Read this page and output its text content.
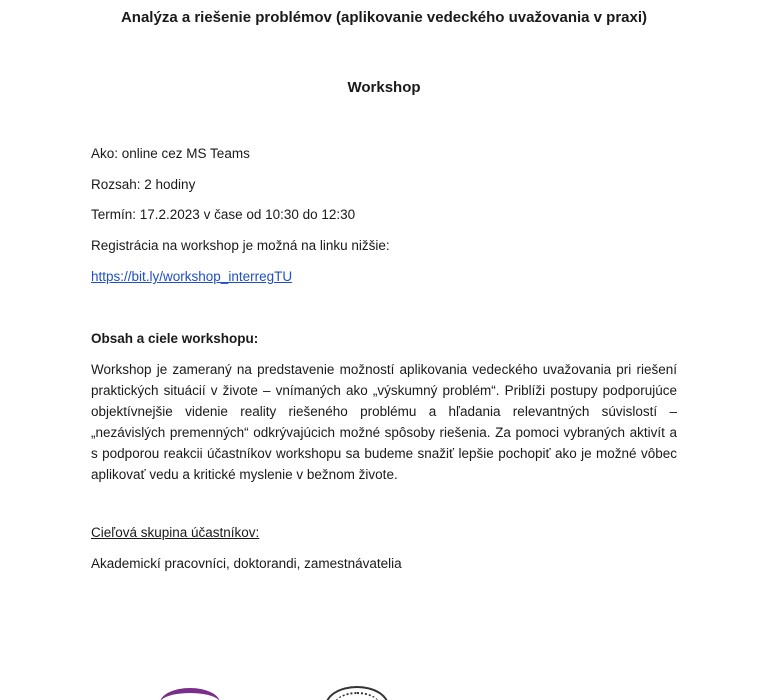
Analýza a riešenie problémov (aplikovanie vedeckého uvažovania v praxi)
Workshop
Ako: online cez MS Teams
Rozsah: 2 hodiny
Termín: 17.2.2023 v čase od 10:30 do 12:30
Registrácia na workshop je možná na linku nižšie:
https://bit.ly/workshop_interregTU
Obsah a ciele workshopu:
Workshop je zameraný na predstavenie možností aplikovania vedeckého uvažovania pri riešení praktických situácií v živote – vnímaných ako „výskumný problém“. Priblíži postupy podporujúce objektívnejšie videnie reality riešeného problému a hľadania relevantných súvislostí – „nezávislých premenných“ odkrývajúcich možné spôsoby riešenia. Za pomoci vybraných aktivít a s podporou reakcii účastníkov workshopu sa budeme snažiť lepšie pochopiť ako je možné vôbec aplikovať vedu a kritické myslenie v bežnom živote.
Cieľová skupina účastníkov:
Akademickí pracovníci, doktorandi, zamestnávatelia
